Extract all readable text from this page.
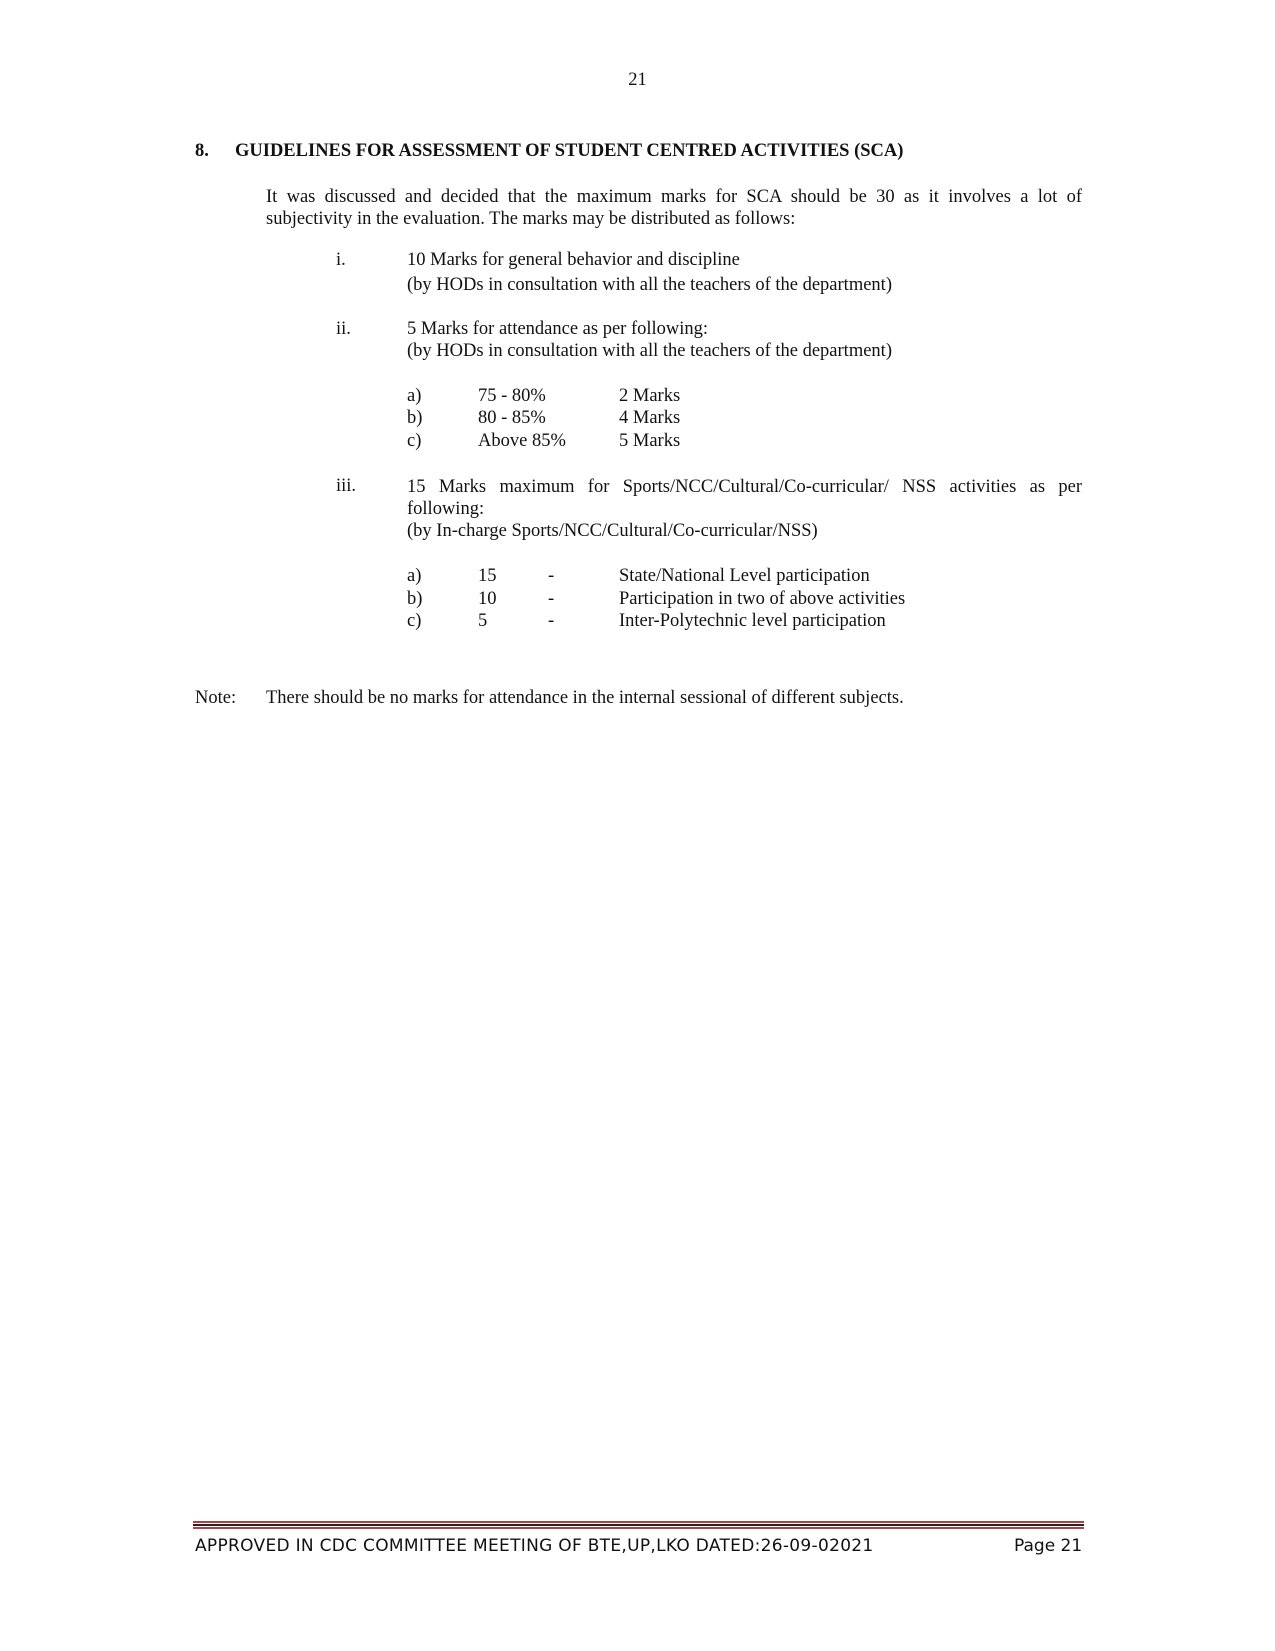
21
8. GUIDELINES FOR ASSESSMENT OF STUDENT CENTRED ACTIVITIES (SCA)
It was discussed and decided that the maximum marks for SCA should be 30 as it involves a lot of subjectivity in the evaluation. The marks may be distributed as follows:
i.	10 Marks for general behavior and discipline
(by HODs in consultation with all the teachers of the department)
ii.	5 Marks for attendance as per following:
(by HODs in consultation with all the teachers of the department)
a)	75 - 80%	2 Marks
b)	80 - 85%	4 Marks
c)	Above 85%	5 Marks
iii.	15 Marks maximum for Sports/NCC/Cultural/Co-curricular/ NSS activities as per following:
(by In-charge Sports/NCC/Cultural/Co-curricular/NSS)
a)	15	-	State/National Level participation
b)	10	-	Participation in two of above activities
c)	5	-	Inter-Polytechnic level participation
Note: There should be no marks for attendance in the internal sessional of different subjects.
APPROVED IN CDC COMMITTEE MEETING OF BTE,UP,LKO DATED:26-09-02021	Page 21
